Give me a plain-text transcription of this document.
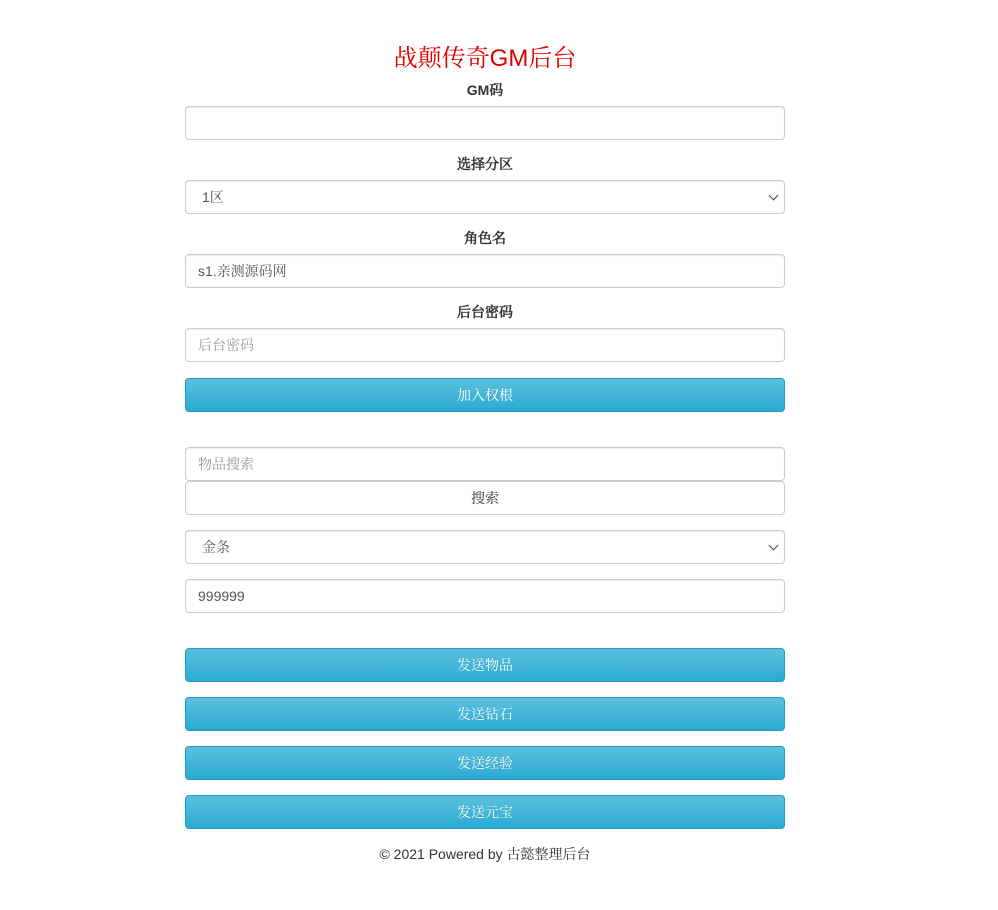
战颠传奇GM后台
GM码
选择分区
1区
角色名
s1.亲测源码网
后台密码
加入权根
物品搜索
搜索
金条
999999
发送物品
发送钻石
发送经验
发送元宝
© 2021 Powered by 古懿整理后台
